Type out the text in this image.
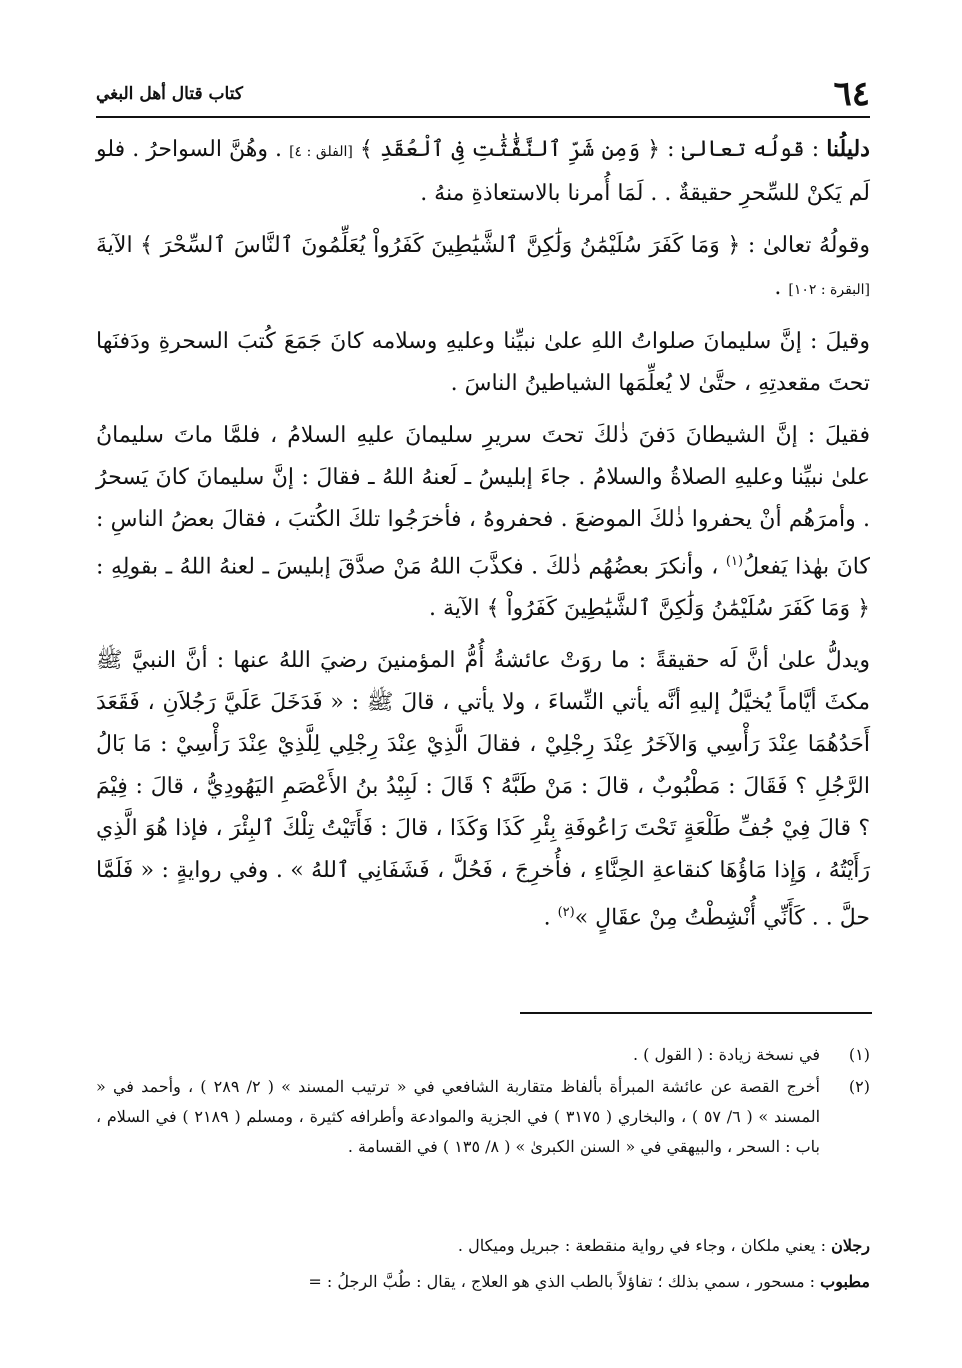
٦٤
كتاب قتال أهل البغي

دليلُنا : قولُه تعالىٰ : ﴿ وَمِن شَرِّ ٱلنَّفَّٰثَٰتِ فِى ٱلْعُقَدِ ﴾ [الفلق : ٤] . وهُنَّ السواحرُ . فلو لَم يَكنْ للسِّحرِ حقيقةٌ . . لَمَا أُمرنا بالاستعاذةِ منهُ .

وقولُهُ تعالىٰ : ﴿ وَمَا كَفَرَ سُلَيْمَٰنُ وَلَٰكِنَّ ٱلشَّيَٰطِينَ كَفَرُواْ يُعَلِّمُونَ ٱلنَّاسَ ٱلسِّحْرَ ﴾ الآيةَ [البقرة : ١٠٢] .

وقيلَ : إنَّ سليمانَ صلواتُ اللهِ علىٰ نبيِّنا وعليهِ وسلامه كانَ جَمَعَ كُتبَ السحرةِ ودَفنَها تحتَ مقعدتِهِ ، حتَّىٰ لا يُعلِّمَها الشياطينُ الناسَ .

فقيلَ : إنَّ الشيطانَ دَفنَ ذٰلكَ تحتَ سريرِ سليمانَ عليهِ السلامُ ، فلمَّا ماتَ سليمانُ علىٰ نبيِّنا وعليهِ الصلاةُ والسلامُ . جاءَ إبليسُ ـ لَعنهُ اللهُ ـ فقالَ : إنَّ سليمانَ كانَ يَسحرُ . وأمرَهُم أنْ يحفروا ذٰلكَ الموضعَ . فحفروهُ ، فأخرَجُوا تلكَ الكُتبَ ، فقالَ بعضُ الناسِ : كانَ بهٰذا يَفعلُ$^{(١)}$ ، وأنكرَ بعضُهُم ذٰلكَ . فكذَّبَ اللهُ مَنْ صدَّقَ إبليسَ ـ لعنهُ اللهُ ـ بقولِهِ : ﴿ وَمَا كَفَرَ سُلَيْمَٰنُ وَلَٰكِنَّ ٱلشَّيَٰطِينَ كَفَرُواْ ﴾ الآية .

ويدلُّ علىٰ أنَّ لَه حقيقةً : ما روَتْ عائشةُ أُمُّ المؤمنينَ رضيَ اللهُ عنها : أنَّ النبيَّ ﷺ مكثَ أيَّاماً يُخيَّلُ إليهِ أنَّه يأتي النِّساءَ ، ولا يأتي ، قالَ ﷺ : « فَدَخَلَ عَلَيَّ رَجُلاَنِ ، فَقَعَدَ أَحَدُهُمَا عِنْدَ رَأْسِي وَالآخَرُ عِنْدَ رِجْلِيْ ، فقالَ الَّذِيْ عِنْدَ رِجْلِي لِلَّذِيْ عِنْدَ رَأْسِيْ : مَا بَالُ الرَّجُلِ ؟ فَقَالَ : مَطْبُوبٌ ، قالَ : مَنْ طَبَّهُ ؟ قَالَ : لَبِيْدُ بنُ الأَعْصَمِ اليَهُودِيُّ ، قالَ : فِيْمَ ؟ قالَ فِيْ جُفِّ طَلْعَةٍ تَحْتَ رَاعُوفَةِ بِئْرِ كَذَا وَكَذَا ، قالَ : فَأَتَيْتُ تِلْكَ ٱلبِئْرَ ، فإذا هُوَ الَّذِي رَأَيْتُهُ ، وَإِذا مَاؤُهَا كنقاعةِ الحِنَّاءِ ، فأُخرِجَ ، فَحُلَّ ، فَشَفَانِي ٱللهُ » . وفي روايةٍ : « فَلَمَّا حلَّ . . كَأَنِّي أُنْشِطْتُ مِنْ عقَالٍ »$^{(٢)}$ .

(١)
في نسخة زيادة : ( القول ) .
(٢)
أخرج القصة عن عائشة المبرأة بألفاظ متقاربة الشافعي في « ترتيب المسند » ( ٢/ ٢٨٩ ) ، وأحمد في « المسند » ( ٦/ ٥٧ ) ، والبخاري ( ٣١٧٥ ) في الجزية والموادعة وأطرافه كثيرة ، ومسلم ( ٢١٨٩ ) في السلام ، باب : السحر ، والبيهقي في « السنن الكبرىٰ » ( ٨/ ١٣٥ ) في القسامة .

رجلان : يعني ملكان ، وجاء في رواية منقطعة : جبريل وميكال .

مطبوب : مسحور ، سمي بذلك ؛ تفاؤلاً بالطب الذي هو العلاج ، يقال : طُبَّ الرجلُ : =
